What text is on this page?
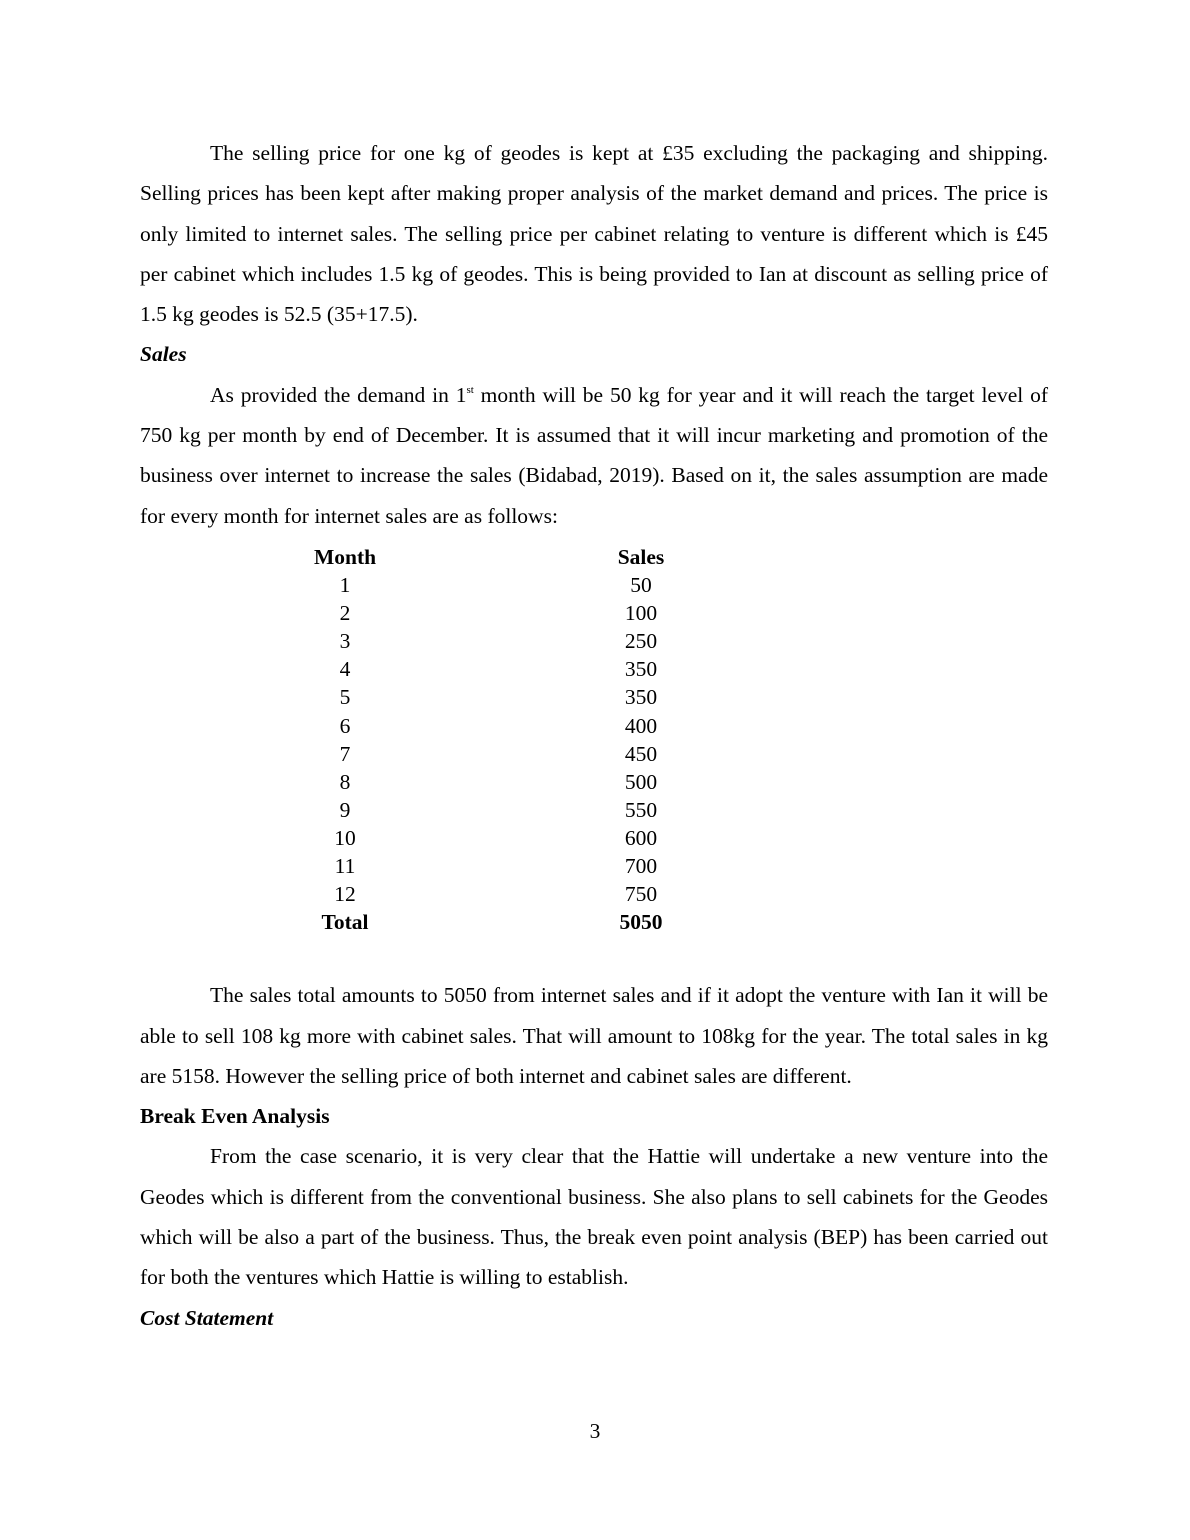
The selling price for one kg of geodes is kept at £35 excluding the packaging and shipping. Selling prices has been kept after making proper analysis of the market demand and prices. The price is only limited to internet sales. The selling price per cabinet relating to venture is different which is £45 per cabinet which includes 1.5 kg of geodes. This is being provided to Ian at discount as selling price of 1.5 kg geodes is 52.5 (35+17.5).

Sales

As provided the demand in 1st month will be 50 kg for year and it will reach the target level of 750 kg per month by end of December. It is assumed that it will incur marketing and promotion of the business over internet to increase the sales (Bidabad, 2019). Based on it, the sales assumption are made for every month for internet sales are as follows:

Month	Sales
1	50
2	100
3	250
4	350
5	350
6	400
7	450
8	500
9	550
10	600
11	700
12	750
Total	5050

The sales total amounts to 5050 from internet sales and if it adopt the venture with Ian it will be able to sell 108 kg more with cabinet sales. That will amount to 108kg for the year. The total sales in kg are 5158. However the selling price of both internet and cabinet sales are different.

Break Even Analysis

From the case scenario, it is very clear that the Hattie will undertake a new venture into the Geodes which is different from the conventional business. She also plans to sell cabinets for the Geodes which will be also a part of the business. Thus, the break even point analysis (BEP) has been carried out for both the ventures which Hattie is willing to establish.

Cost Statement
3
